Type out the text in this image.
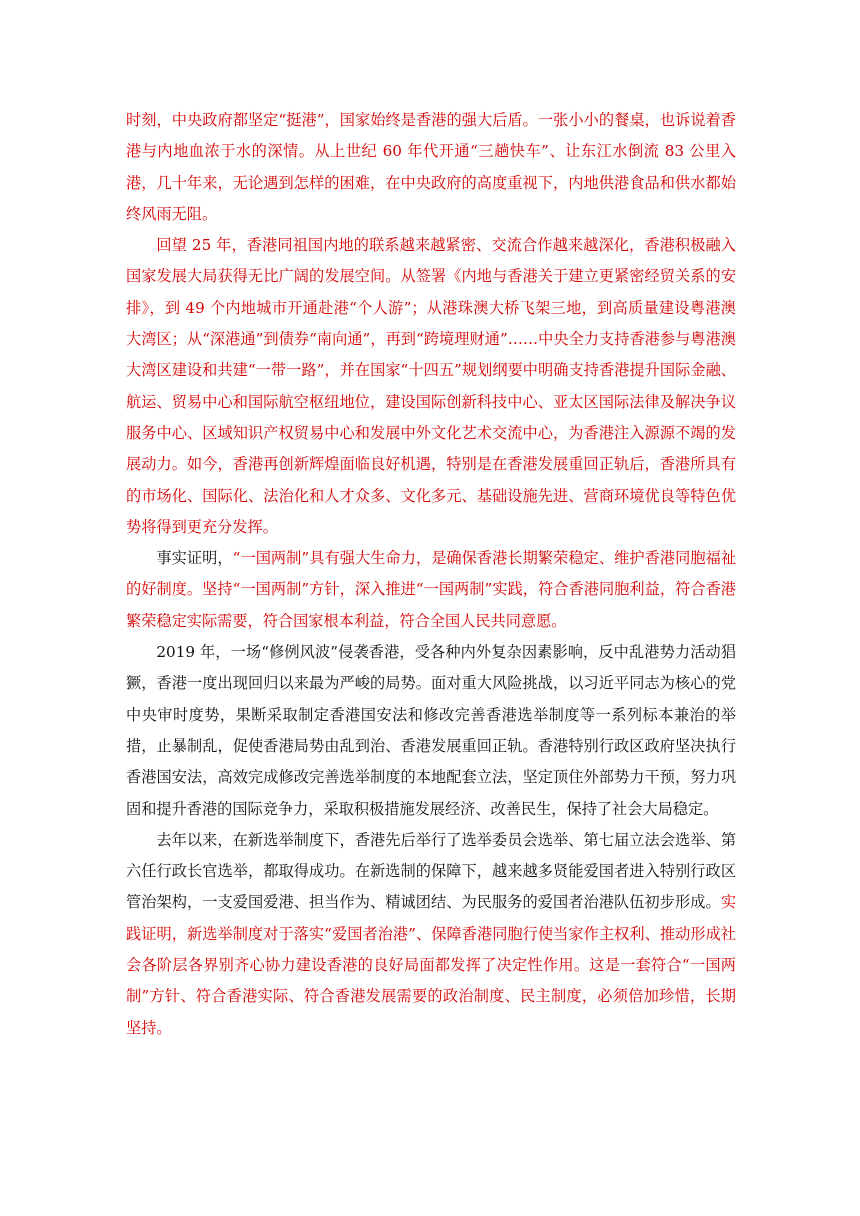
时刻，中央政府都坚定“挺港”，国家始终是香港的强大后盾。一张小小的餐桌，也诉说着香港与内地血浓于水的深情。从上世纪 60 年代开通“三趟快车”、让东江水倒流 83 公里入港，几十年来，无论遇到怎样的困难，在中央政府的高度重视下，内地供港食品和供水都始终风雨无阻。

回望 25 年，香港同祖国内地的联系越来越紧密、交流合作越来越深化，香港积极融入国家发展大局获得无比广阔的发展空间。从签署《内地与香港关于建立更紧密经贸关系的安排》，到 49 个内地城市开通赴港“个人游”；从港珠澳大桥飞架三地，到高质量建设粤港澳大湾区；从“深港通”到债券“南向通”，再到“跨境理财通”……中央全力支持香港参与粤港澳大湾区建设和共建“一带一路”，并在国家“十四五”规划纲要中明确支持香港提升国际金融、航运、贸易中心和国际航空枢纽地位，建设国际创新科技中心、亚太区国际法律及解决争议服务中心、区域知识产权贸易中心和发展中外文化艺术交流中心，为香港注入源源不竭的发展动力。如今，香港再创新辉煌面临良好机遇，特别是在香港发展重回正轨后，香港所具有的市场化、国际化、法治化和人才众多、文化多元、基础设施先进、营商环境优良等特色优势将得到更充分发挥。

事实证明，“一国两制”具有强大生命力，是确保香港长期繁荣稳定、维护香港同胞福祉的好制度。坚持“一国两制”方针，深入推进“一国两制”实践，符合香港同胞利益，符合香港繁荣稳定实际需要，符合国家根本利益，符合全国人民共同意愿。

2019 年，一场“修例风波”侵袭香港，受各种内外复杂因素影响，反中乱港势力活动猖獗，香港一度出现回归以来最为严峻的局势。面对重大风险挑战，以习近平同志为核心的党中央审时度势，果断采取制定香港国安法和修改完善香港选举制度等一系列标本兼治的举措，止暴制乱，促使香港局势由乱到治、香港发展重回正轨。香港特别行政区政府坚决执行香港国安法，高效完成修改完善选举制度的本地配套立法，坚定顶住外部势力干预，努力巩固和提升香港的国际竞争力，采取积极措施发展经济、改善民生，保持了社会大局稳定。

去年以来，在新选举制度下，香港先后举行了选举委员会选举、第七届立法会选举、第六任行政长官选举，都取得成功。在新选制的保障下，越来越多贤能爱国者进入特别行政区管治架构，一支爱国爱港、担当作为、精诚团结、为民服务的爱国者治港队伍初步形成。实践证明，新选举制度对于落实“爱国者治港”、保障香港同胞行使当家作主权利、推动形成社会各阶层各界别齐心协力建设香港的良好局面都发挥了决定性作用。这是一套符合“一国两制”方针、符合香港实际、符合香港发展需要的政治制度、民主制度，必须倍加珍惜，长期坚持。
